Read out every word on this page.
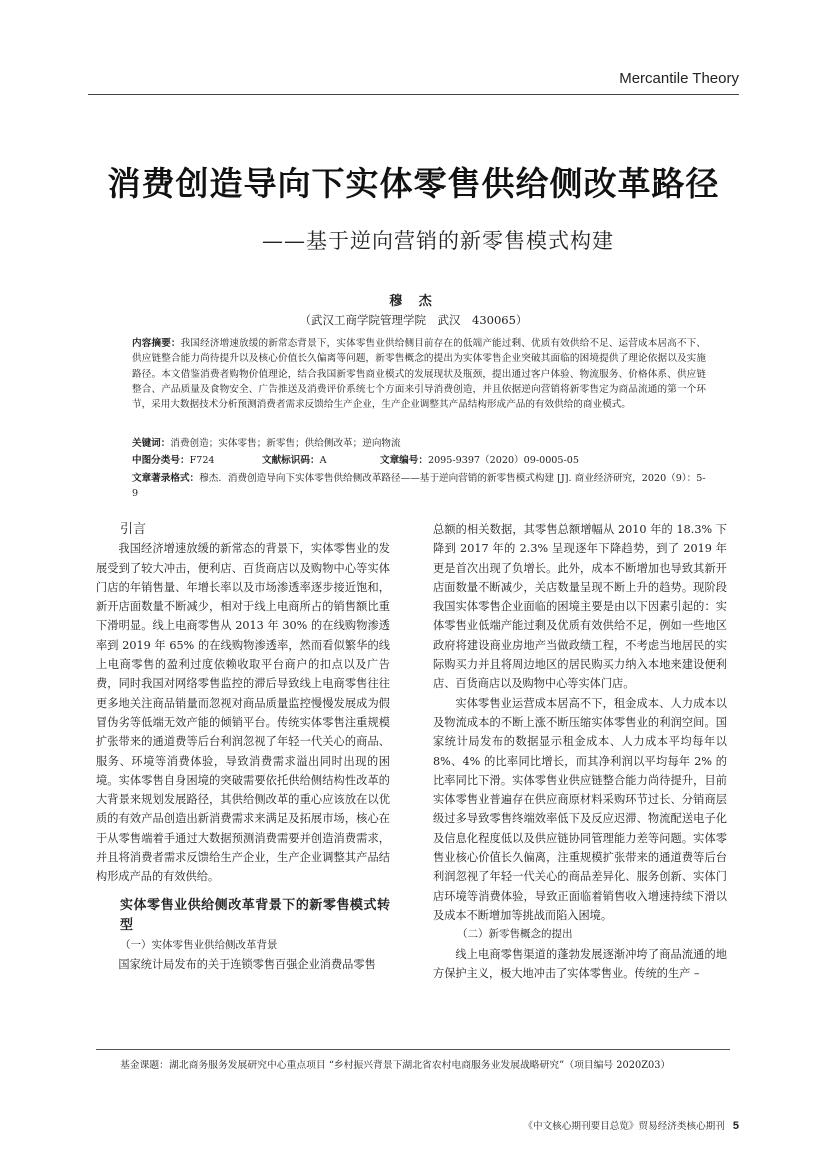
Mercantile Theory
消费创造导向下实体零售供给侧改革路径
——基于逆向营销的新零售模式构建
穆 杰
（武汉工商学院管理学院　武汉　430065）
内容摘要：我国经济增速放缓的新常态背景下，实体零售业供给侧目前存在的低端产能过剩、优质有效供给不足、运营成本居高不下、供应链整合能力尚待提升以及核心价值长久偏离等问题，新零售概念的提出为实体零售企业突破其面临的困境提供了理论依据以及实施路径。本文借鉴消费者购物价值理论，结合我国新零售商业模式的发展现状及瓶颈，提出通过客户体验、物流服务、价格体系、供应链整合、产品质量及食物安全、广告推送及消费评价系统七个方面来引导消费创造，并且依据逆向营销将新零售定为商品流通的第一个环节，采用大数据技术分析预测消费者需求反馈给生产企业，生产企业调整其产品结构形成产品的有效供给的商业模式。
关键词：消费创造；实体零售；新零售；供给侧改革；逆向物流
中图分类号：F724	文献标识码：A	文章编号：2095-9397（2020）09-0005-05
文章著录格式：穆杰．消费创造导向下实体零售供给侧改革路径——基于逆向营销的新零售模式构建 [J]. 商业经济研究，2020（9）：5-9
引言

我国经济增速放缓的新常态的背景下，实体零售业的发展受到了较大冲击，便利店、百货商店以及购物中心等实体门店的年销售量、年增长率以及市场渗透率逐步接近饱和，新开店面数量不断减少，相对于线上电商所占的销售额比重下滑明显。线上电商零售从 2013 年 30% 的在线购物渗透率到 2019 年 65% 的在线购物渗透率，然而看似繁华的线上电商零售的盈利过度依赖收取平台商户的扣点以及广告费，同时我国对网络零售监控的滞后导致线上电商零售往往更多地关注商品销量而忽视对商品质量监控慢慢发展成为假冒伪劣等低端无效产能的倾销平台。传统实体零售注重规模扩张带来的通道费等后台利润忽视了年轻一代关心的商品、服务、环境等消费体验，导致消费需求溢出同时出现的困境。实体零售自身困境的突破需要依托供给侧结构性改革的大背景来规划发展路径，其供给侧改革的重心应该放在以优质的有效产品创造出新消费需求来满足及拓展市场，核心在于从零售端着手通过大数据预测消费需要并创造消费需求，并且将消费者需求反馈给生产企业，生产企业调整其产品结构形成产品的有效供给。

实体零售业供给侧改革背景下的新零售模式转型
（一）实体零售业供给侧改革背景

国家统计局发布的关于连锁零售百强企业消费品零售

总额的相关数据，其零售总额增幅从 2010 年的 18.3% 下降到 2017 年的 2.3% 呈现逐年下降趋势，到了 2019 年更是首次出现了负增长。此外，成本不断增加也导致其新开店面数量不断减少，关店数量呈现不断上升的趋势。现阶段我国实体零售企业面临的困境主要是由以下因素引起的：实体零售业低端产能过剩及优质有效供给不足，例如一些地区政府将建设商业房地产当做政绩工程，不考虑当地居民的实际购买力并且将周边地区的居民购买力纳入本地来建设便利店、百货商店以及购物中心等实体门店。

实体零售业运营成本居高不下，租金成本、人力成本以及物流成本的不断上涨不断压缩实体零售业的利润空间。国家统计局发布的数据显示租金成本、人力成本平均每年以 8%、4% 的比率同比增长，而其净利润以平均每年 2% 的比率同比下滑。实体零售业供应链整合能力尚待提升，目前实体零售业普遍存在供应商原材料采购环节过长、分销商层级过多导致零售终端效率低下及反应迟滞、物流配送电子化及信息化程度低以及供应链协同管理能力差等问题。实体零售业核心价值长久偏离，注重规模扩张带来的通道费等后台利润忽视了年轻一代关心的商品差异化、服务创新、实体门店环境等消费体验，导致正面临着销售收入增速持续下滑以及成本不断增加等挑战而陷入困境。

（二）新零售概念的提出

线上电商零售渠道的蓬勃发展逐渐冲垮了商品流通的地方保护主义，极大地冲击了实体零售业。传统的生产 –

基金课题：湖北商务服务发展研究中心重点项目 “乡村振兴背景下湖北省农村电商服务业发展战略研究”（项目编号 2020Z03）
《中文核心期刊要目总览》贸易经济类核心期刊 5
